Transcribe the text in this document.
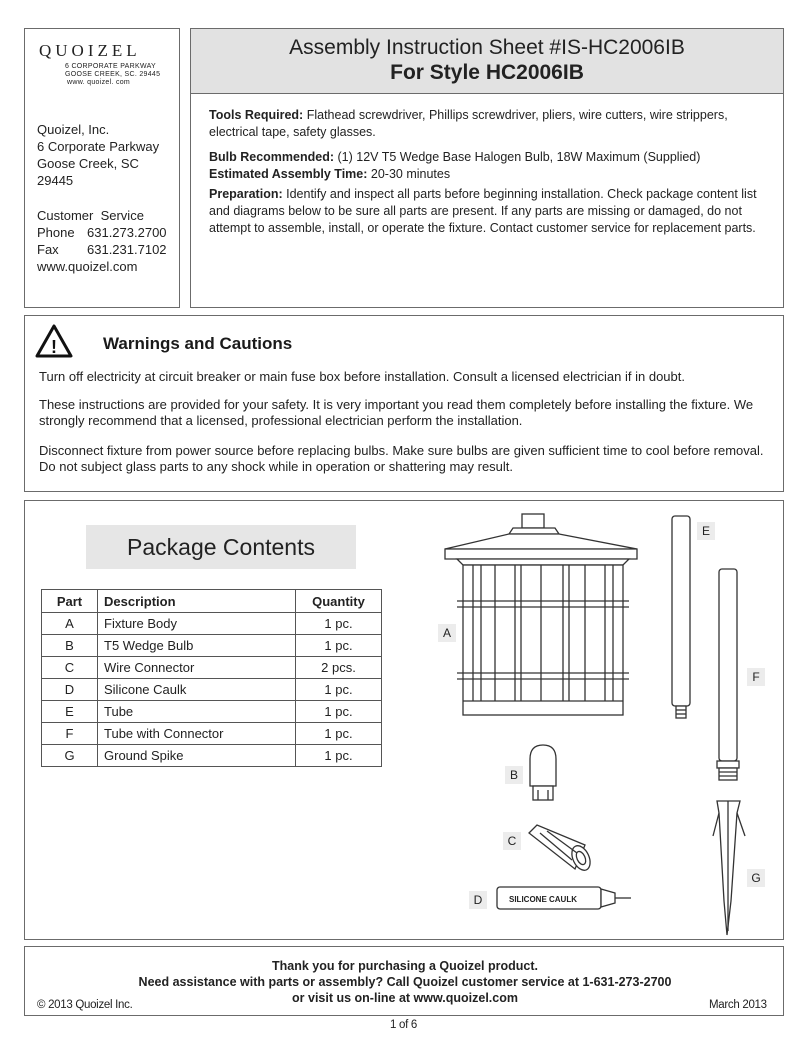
QUOIZEL
6 CORPORATE PARKWAY
GOOSE CREEK, SC. 29445
www. quoizel. com
Quoizel, Inc.
6 Corporate Parkway
Goose Creek, SC
29445
Customer  Service
Phone 631.273.2700
Fax 631.231.7102
www.quoizel.com
Assembly Instruction Sheet #IS-HC2006IB
For Style HC2006IB
Tools Required: Flathead screwdriver, Phillips screwdriver, pliers, wire cutters, wire strippers, electrical tape, safety glasses.
Bulb Recommended: (1) 12V T5 Wedge Base Halogen Bulb, 18W Maximum (Supplied)
Estimated Assembly Time: 20-30 minutes
Preparation: Identify and inspect all parts before beginning installation. Check package content list and diagrams below to be sure all parts are present. If any parts are missing or damaged, do not attempt to assemble, install, or operate the fixture. Contact customer service for replacement parts.
!	Warnings and Cautions
Turn off electricity at circuit breaker or main fuse box before installation. Consult a licensed electrician if in doubt.
These instructions are provided for your safety. It is very important you read them completely before installing the fixture. We strongly recommend that a licensed, professional electrician perform the installation.
Disconnect fixture from power source before replacing bulbs. Make sure bulbs are given sufficient time to cool before removal. Do not subject glass parts to any shock while in operation or shattering may result.
Package Contents
Part	Description	Quantity
A	Fixture Body	1 pc.
B	T5 Wedge Bulb	1 pc.
C	Wire Connector	2 pcs.
D	Silicone Caulk	1 pc.
E	Tube	1 pc.
F	Tube with Connector	1 pc.
G	Ground Spike	1 pc.
SILICONE CAULK
A
E
F
B
C
D
G
Thank you for purchasing a Quoizel product.
Need assistance with parts or assembly? Call Quoizel customer service at 1-631-273-2700
or visit us on-line at www.quoizel.com
© 2013 Quoizel Inc.	March 2013
1 of 6
